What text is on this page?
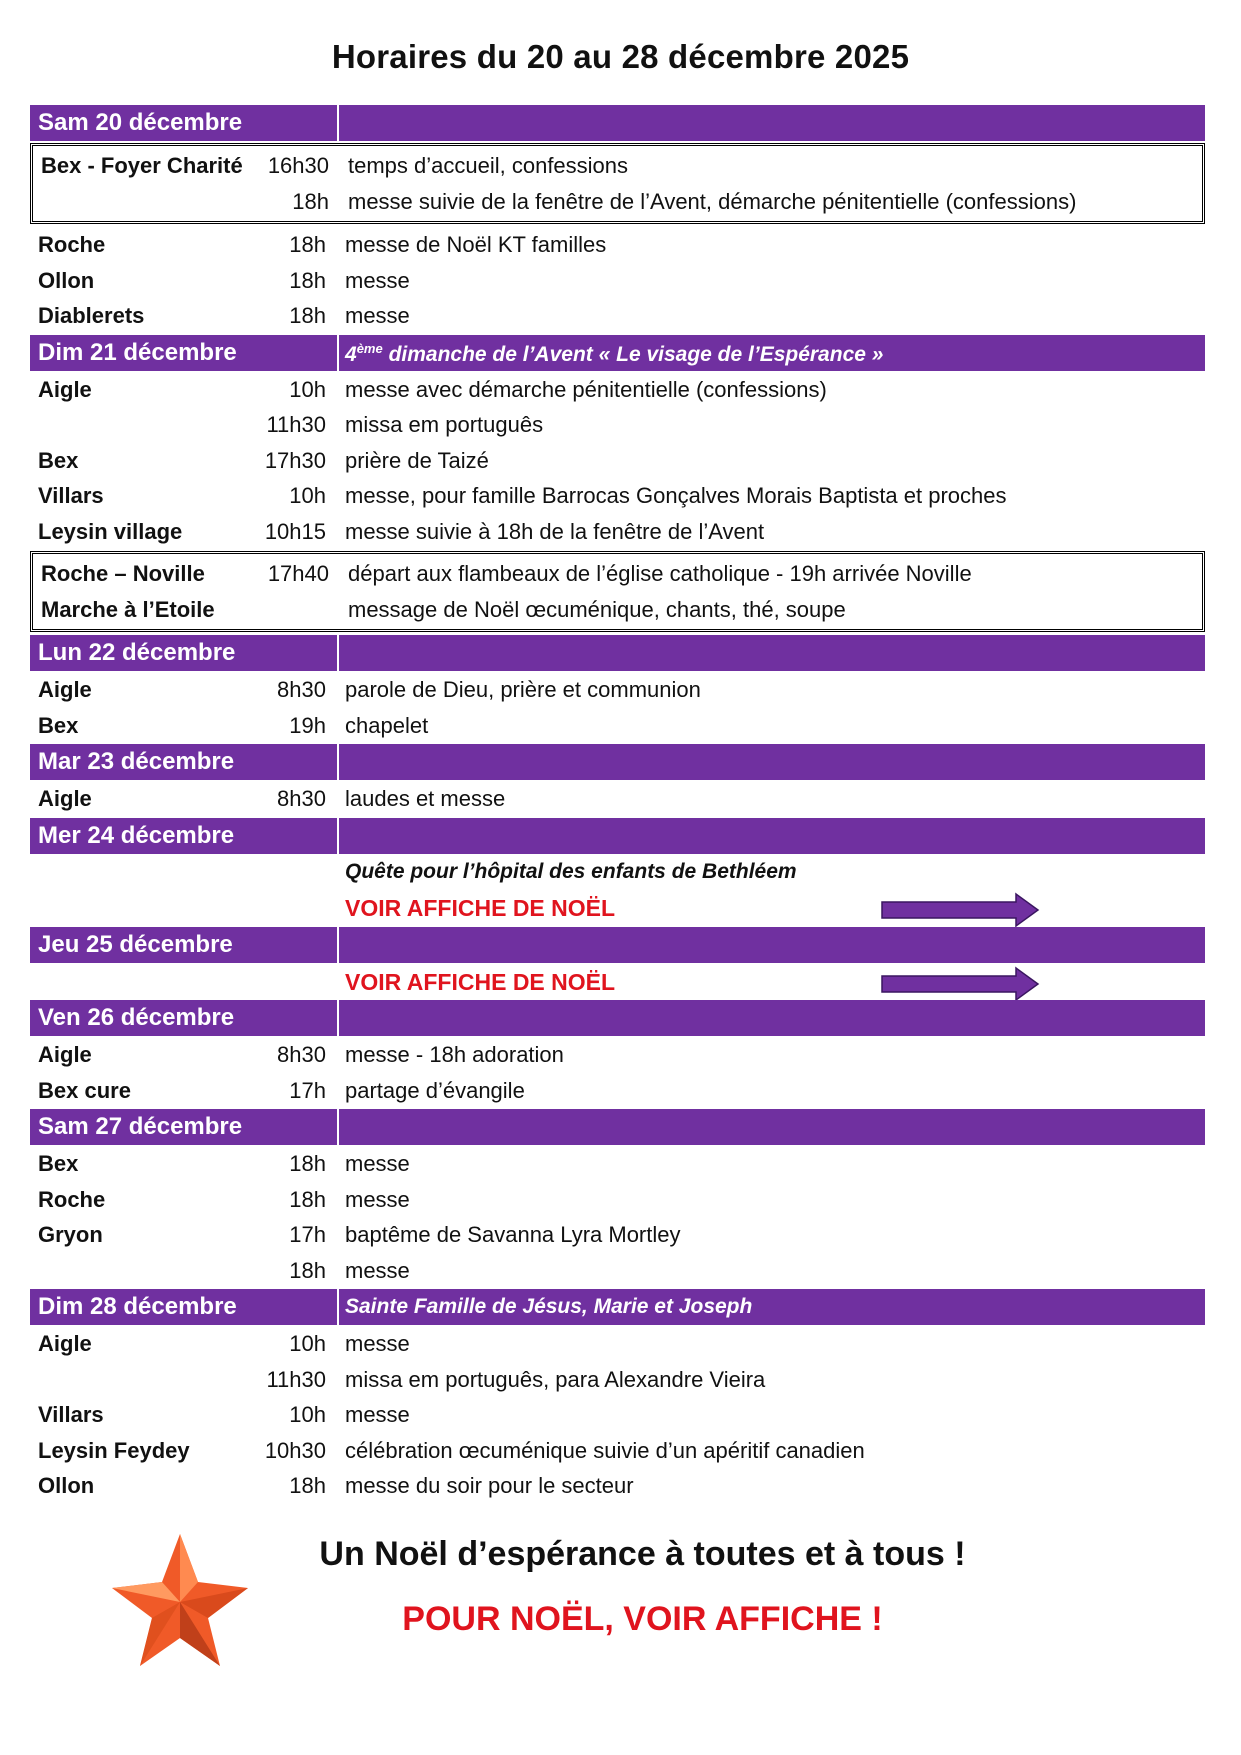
Horaires du 20 au 28 décembre 2025
Sam 20 décembre
Bex - Foyer Charité	16h30 temps d’accueil, confessions
18h messe suivie de la fenêtre de l’Avent, démarche pénitentielle (confessions)
Roche	18h messe de Noël KT familles
Ollon	18h messe
Diablerets	18h messe
Dim 21 décembre	4ème dimanche de l’Avent « Le visage de l’Espérance »
Aigle	10h messe avec démarche pénitentielle (confessions)
11h30 missa em português
Bex	17h30 prière de Taizé
Villars	10h messe, pour famille Barrocas Gonçalves Morais Baptista et proches
Leysin village	10h15 messe suivie à 18h de la fenêtre de l’Avent
Roche – Noville	17h40 départ aux flambeaux de l’église catholique - 19h arrivée Noville
Marche à l’Etoile	message de Noël œcuménique, chants, thé, soupe
Lun 22 décembre
Aigle	8h30 parole de Dieu, prière et communion
Bex	19h chapelet
Mar 23 décembre
Aigle	8h30 laudes et messe
Mer 24 décembre
Quête pour l’hôpital des enfants de Bethléem
VOIR AFFICHE DE NOËL
Jeu 25 décembre
VOIR AFFICHE DE NOËL
Ven 26 décembre
Aigle	8h30 messe - 18h adoration
Bex cure	17h partage d’évangile
Sam 27 décembre
Bex	18h messe
Roche	18h messe
Gryon	17h baptême de Savanna Lyra Mortley
18h messe
Dim 28 décembre	Sainte Famille de Jésus, Marie et Joseph
Aigle	10h messe
11h30 missa em português, para Alexandre Vieira
Villars	10h messe
Leysin Feydey	10h30 célébration œcuménique suivie d’un apéritif canadien
Ollon	18h messe du soir pour le secteur
Un Noël d’espérance à toutes et à tous !
POUR NOËL, VOIR AFFICHE !
